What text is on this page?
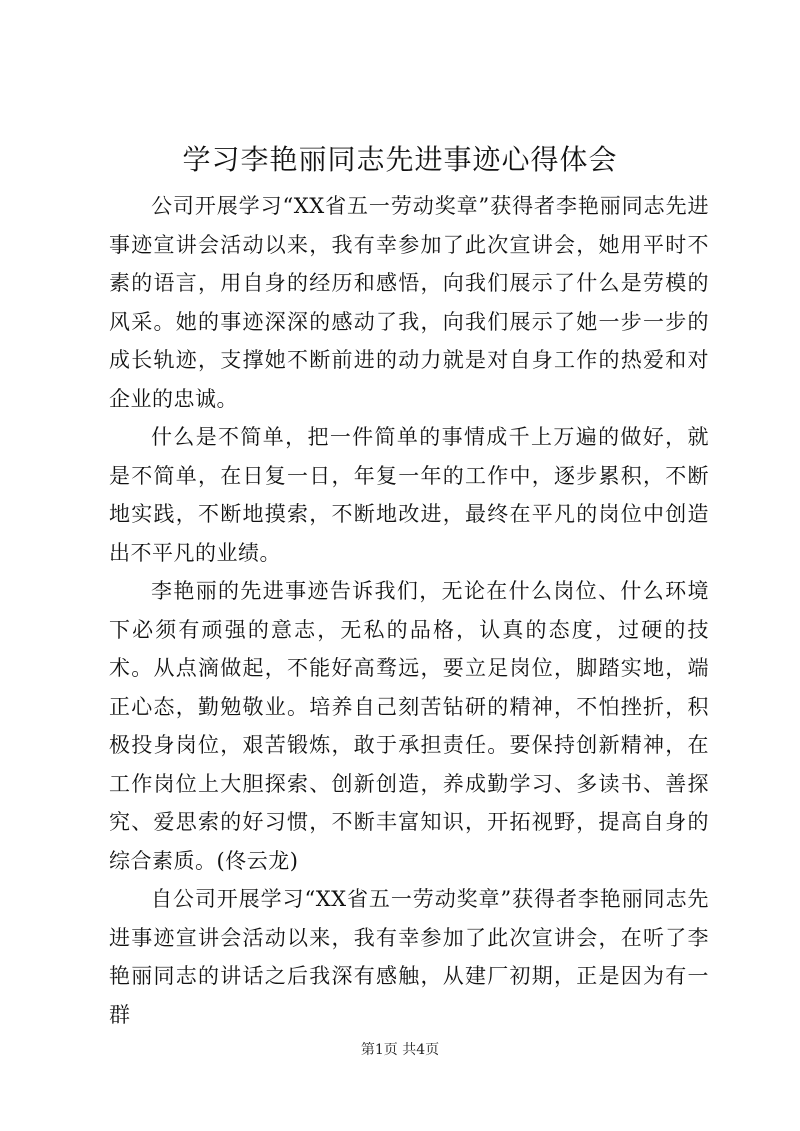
学习李艳丽同志先进事迹心得体会

公司开展学习“XX省五一劳动奖章”获得者李艳丽同志先进事迹宣讲会活动以来，我有幸参加了此次宣讲会，她用平时不素的语言，用自身的经历和感悟，向我们展示了什么是劳模的风采。她的事迹深深的感动了我，向我们展示了她一步一步的成长轨迹，支撑她不断前进的动力就是对自身工作的热爱和对企业的忠诚。

什么是不简单，把一件简单的事情成千上万遍的做好，就是不简单，在日复一日，年复一年的工作中，逐步累积，不断地实践，不断地摸索，不断地改进，最终在平凡的岗位中创造出不平凡的业绩。

李艳丽的先进事迹告诉我们，无论在什么岗位、什么环境下必须有顽强的意志，无私的品格，认真的态度，过硬的技术。从点滴做起，不能好高骛远，要立足岗位，脚踏实地，端正心态，勤勉敬业。培养自己刻苦钻研的精神，不怕挫折，积极投身岗位，艰苦锻炼，敢于承担责任。要保持创新精神，在工作岗位上大胆探索、创新创造，养成勤学习、多读书、善探究、爱思索的好习惯，不断丰富知识，开拓视野，提高自身的综合素质。(佟云龙)

自公司开展学习“XX省五一劳动奖章”获得者李艳丽同志先进事迹宣讲会活动以来，我有幸参加了此次宣讲会，在听了李艳丽同志的讲话之后我深有感触，从建厂初期，正是因为有一群

第1页 共4页
